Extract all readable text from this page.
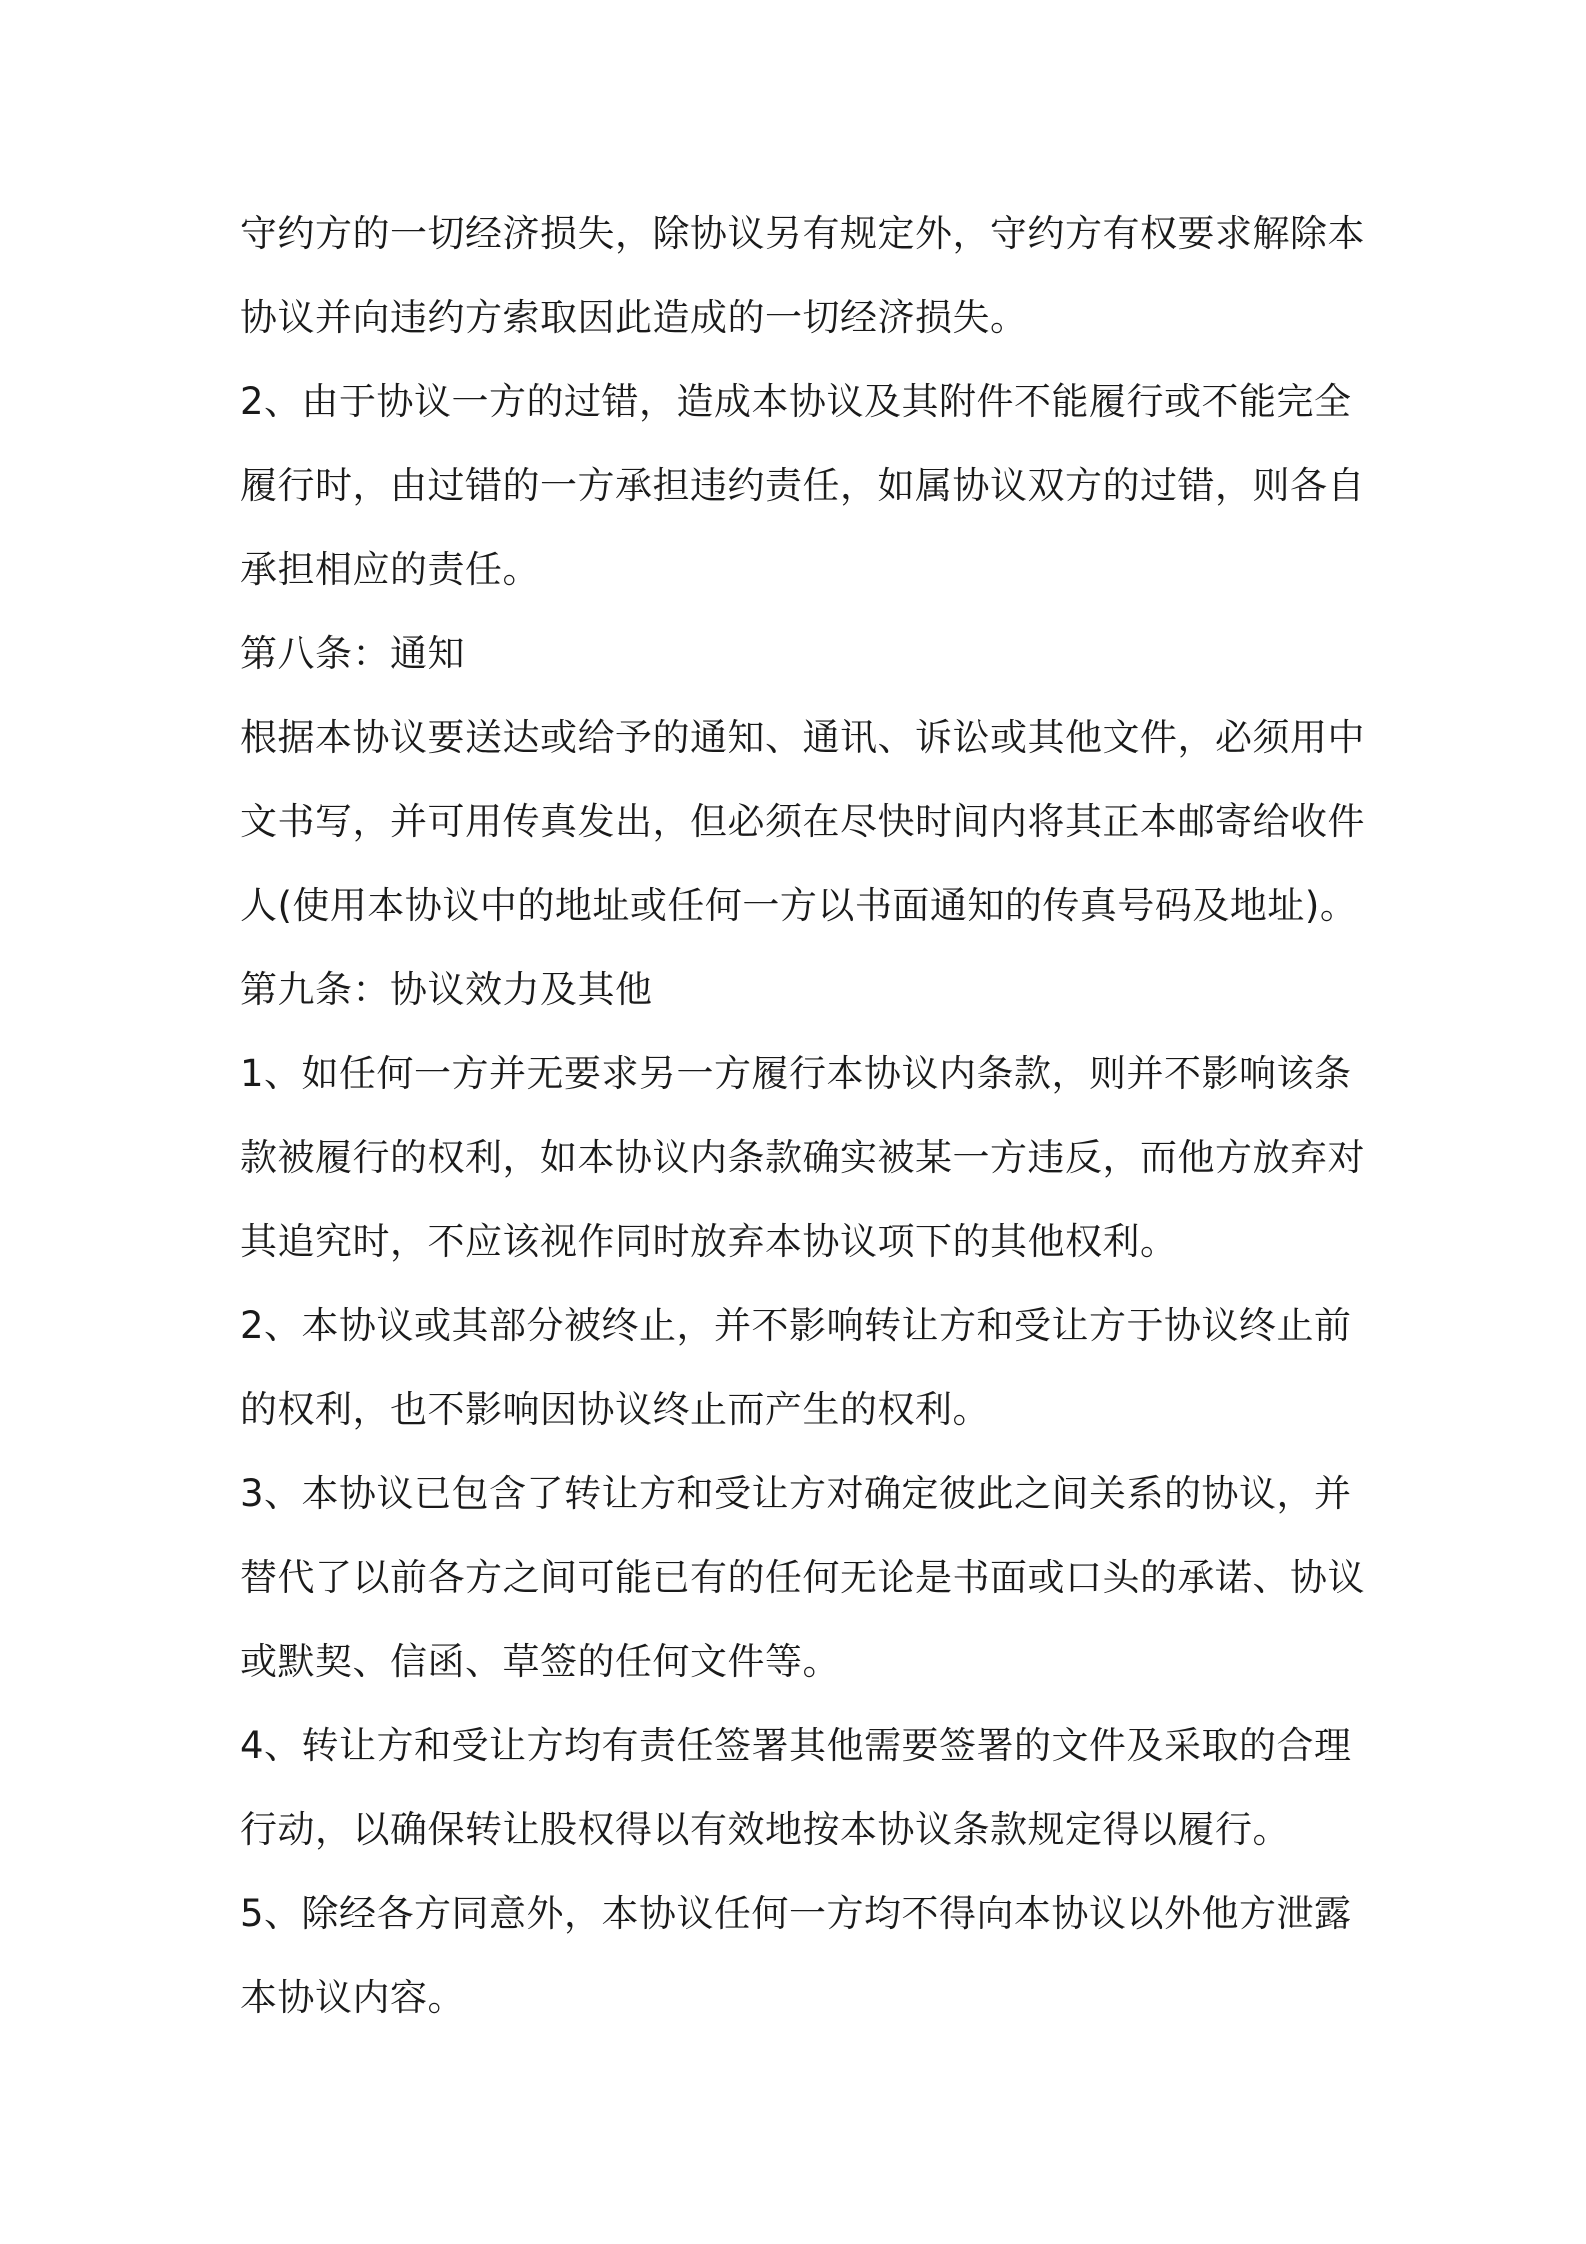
守约方的一切经济损失，除协议另有规定外，守约方有权要求解除本
协议并向违约方索取因此造成的一切经济损失。
2、由于协议一方的过错，造成本协议及其附件不能履行或不能完全
履行时，由过错的一方承担违约责任，如属协议双方的过错，则各自
承担相应的责任。
第八条：通知
根据本协议要送达或给予的通知、通讯、诉讼或其他文件，必须用中
文书写，并可用传真发出，但必须在尽快时间内将其正本邮寄给收件
人(使用本协议中的地址或任何一方以书面通知的传真号码及地址)。
第九条：协议效力及其他
1、如任何一方并无要求另一方履行本协议内条款，则并不影响该条
款被履行的权利，如本协议内条款确实被某一方违反，而他方放弃对
其追究时，不应该视作同时放弃本协议项下的其他权利。
2、本协议或其部分被终止，并不影响转让方和受让方于协议终止前
的权利，也不影响因协议终止而产生的权利。
3、本协议已包含了转让方和受让方对确定彼此之间关系的协议，并
替代了以前各方之间可能已有的任何无论是书面或口头的承诺、协议
或默契、信函、草签的任何文件等。
4、转让方和受让方均有责任签署其他需要签署的文件及采取的合理
行动，以确保转让股权得以有效地按本协议条款规定得以履行。
5、除经各方同意外，本协议任何一方均不得向本协议以外他方泄露
本协议内容。
